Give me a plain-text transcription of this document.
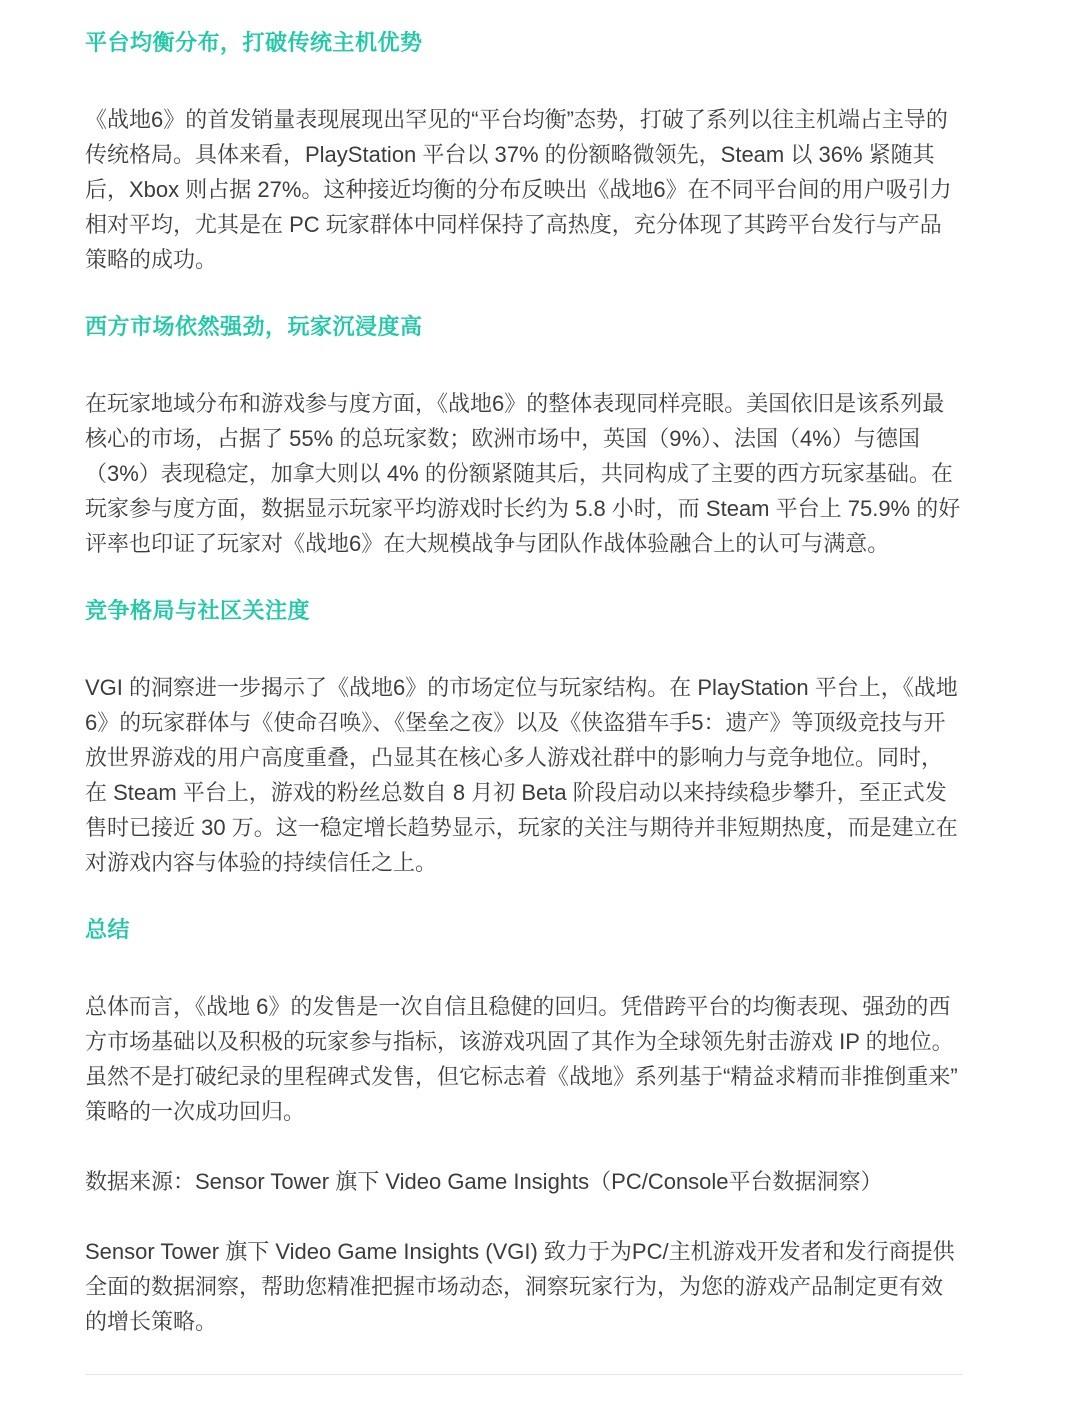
平台均衡分布，打破传统主机优势

《战地6》的首发销量表现展现出罕见的“平台均衡”态势，打破了系列以往主机端占主导的传统格局。具体来看，PlayStation 平台以 37% 的份额略微领先，Steam 以 36% 紧随其后，Xbox 则占据 27%。这种接近均衡的分布反映出《战地6》在不同平台间的用户吸引力相对平均，尤其是在 PC 玩家群体中同样保持了高热度，充分体现了其跨平台发行与产品策略的成功。

西方市场依然强劲，玩家沉浸度高

在玩家地域分布和游戏参与度方面，《战地6》的整体表现同样亮眼。美国依旧是该系列最核心的市场，占据了 55% 的总玩家数；欧洲市场中，英国（9%）、法国（4%）与德国（3%）表现稳定，加拿大则以 4% 的份额紧随其后，共同构成了主要的西方玩家基础。在玩家参与度方面，数据显示玩家平均游戏时长约为 5.8 小时，而 Steam 平台上 75.9% 的好评率也印证了玩家对《战地6》在大规模战争与团队作战体验融合上的认可与满意。

竞争格局与社区关注度

VGI 的洞察进一步揭示了《战地6》的市场定位与玩家结构。在 PlayStation 平台上，《战地6》的玩家群体与《使命召唤》、《堡垒之夜》以及《侠盗猎车手5：遗产》等顶级竞技与开放世界游戏的用户高度重叠，凸显其在核心多人游戏社群中的影响力与竞争地位。同时，在 Steam 平台上，游戏的粉丝总数自 8 月初 Beta 阶段启动以来持续稳步攀升，至正式发售时已接近 30 万。这一稳定增长趋势显示，玩家的关注与期待并非短期热度，而是建立在对游戏内容与体验的持续信任之上。

总结

总体而言，《战地 6》的发售是一次自信且稳健的回归。凭借跨平台的均衡表现、强劲的西方市场基础以及积极的玩家参与指标，该游戏巩固了其作为全球领先射击游戏 IP 的地位。虽然不是打破纪录的里程碑式发售，但它标志着《战地》系列基于“精益求精而非推倒重来”策略的一次成功回归。

数据来源：Sensor Tower 旗下 Video Game Insights（PC/Console平台数据洞察）

Sensor Tower 旗下 Video Game Insights (VGI) 致力于为PC/主机游戏开发者和发行商提供全面的数据洞察，帮助您精准把握市场动态，洞察玩家行为，为您的游戏产品制定更有效的增长策略。
